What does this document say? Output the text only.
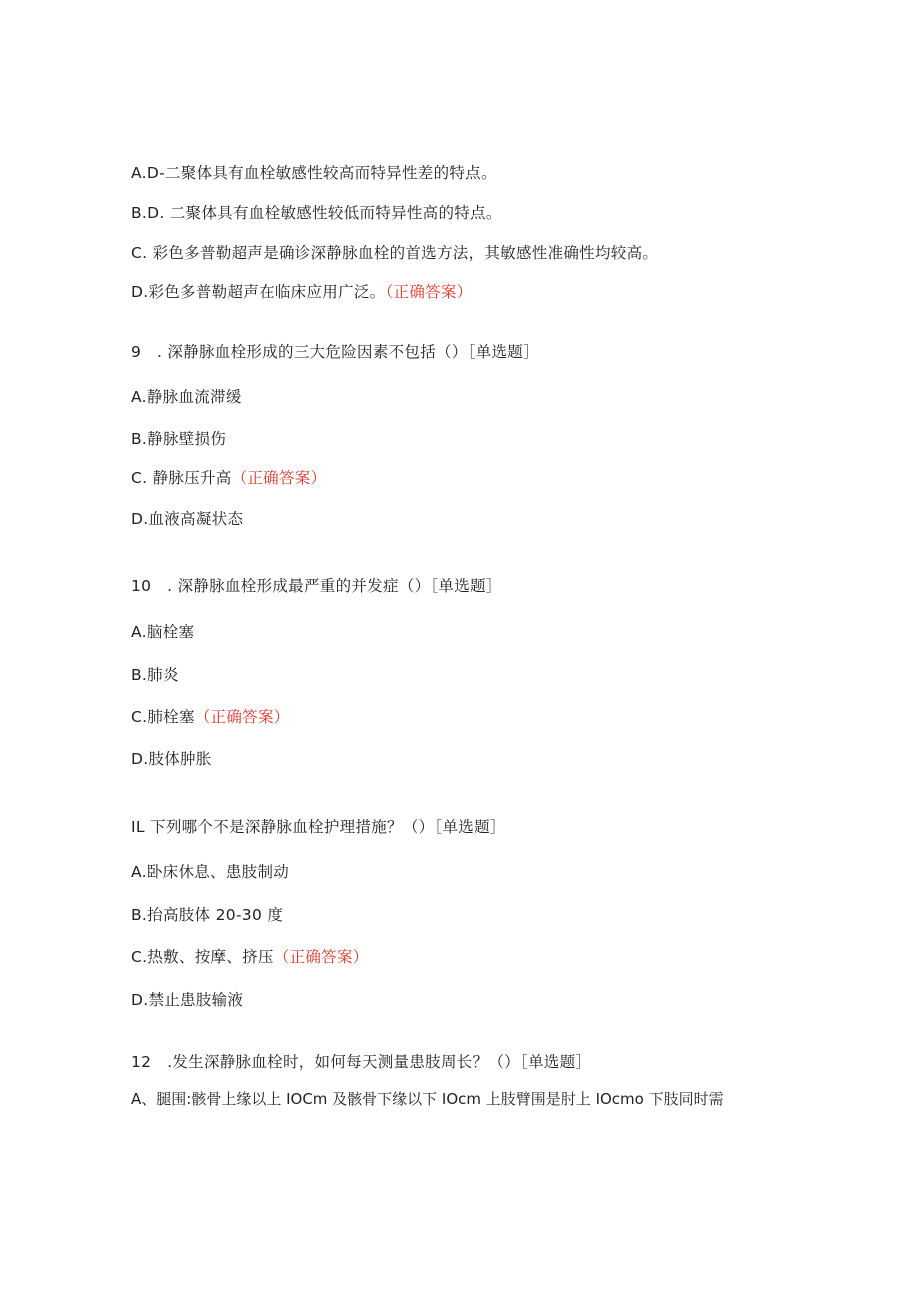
A.D-二聚体具有血栓敏感性较高而特异性差的特点。
B.D. 二聚体具有血栓敏感性较低而特异性高的特点。
C. 彩色多普勒超声是确诊深静脉血栓的首选方法，其敏感性准确性均较高。
D.彩色多普勒超声在临床应用广泛。（正确答案）
9　. 深静脉血栓形成的三大危险因素不包括（）［单选题］
A.静脉血流滞缓
B.静脉壁损伤
C. 静脉压升高（正确答案）
D.血液高凝状态
10　. 深静脉血栓形成最严重的并发症（）［单选题］
A.脑栓塞
B.肺炎
C.肺栓塞（正确答案）
D.肢体肿胀
IL 下列哪个不是深静脉血栓护理措施？（）［单选题］
A.卧床休息、患肢制动
B.抬高肢体 20-30 度
C.热敷、按摩、挤压（正确答案）
D.禁止患肢输液
12　.发生深静脉血栓时，如何每天测量患肢周长？（）［单选题］
A、腿围:骸骨上缘以上 IOCm 及骸骨下缘以下 IOcm 上肢臂围是肘上 IOcmo 下肢同时需
